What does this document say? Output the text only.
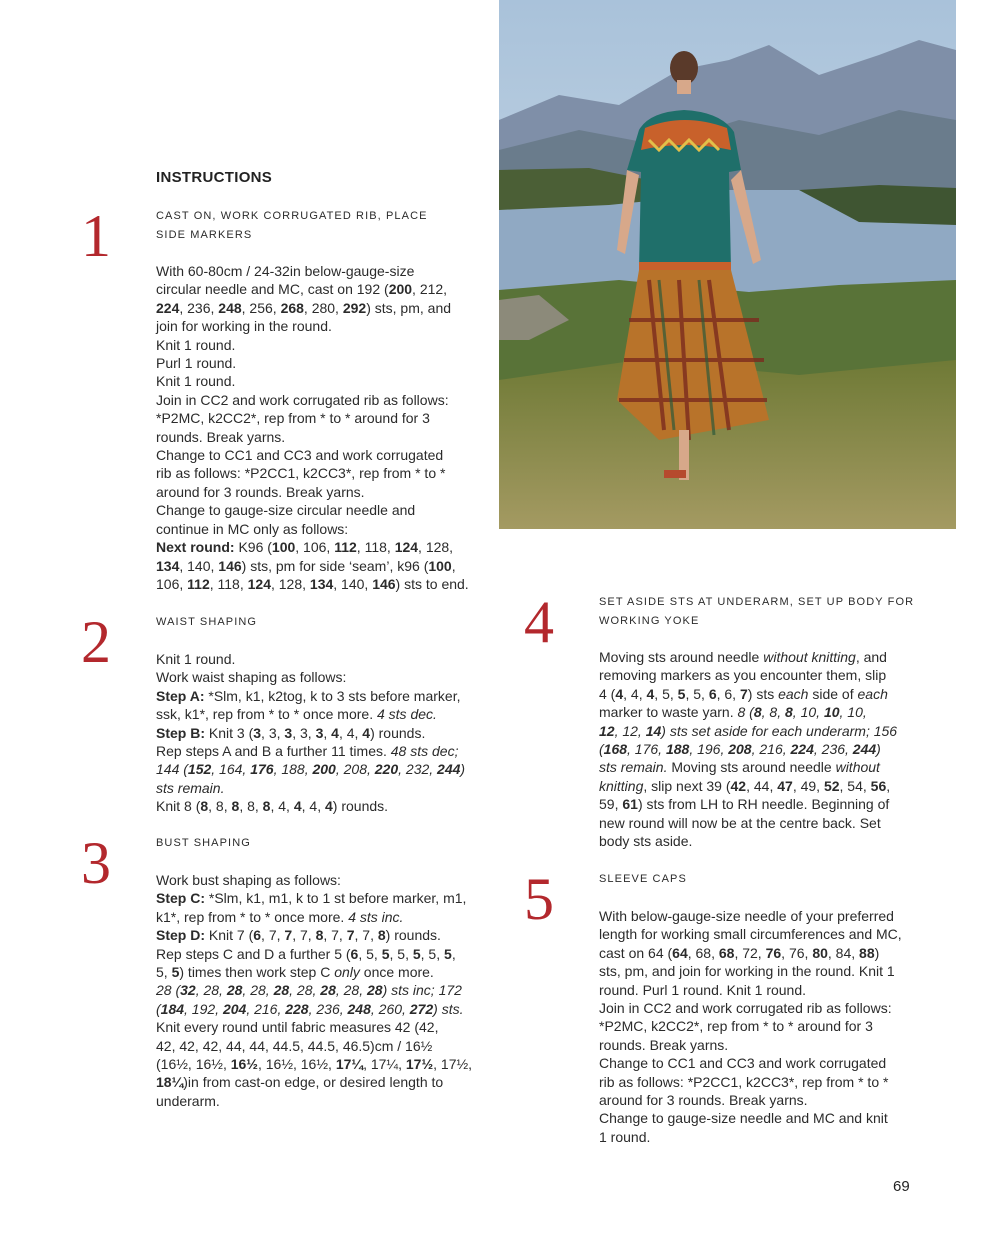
INSTRUCTIONS
1	CAST ON, WORK CORRUGATED RIB, PLACE
SIDE MARKERS

With 60-80cm / 24-32in below-gauge-size

circular needle and MC, cast on 192 (200, 212,

224, 236, 248, 256, 268, 280, 292) sts, pm, and

join for working in the round.

Knit 1 round.

Purl 1 round.

Knit 1 round.

Join in CC2 and work corrugated rib as follows:

*P2MC, k2CC2*, rep from * to * around for 3

rounds. Break yarns.

Change to CC1 and CC3 and work corrugated

rib as follows: *P2CC1, k2CC3*, rep from * to *

around for 3 rounds. Break yarns.

Change to gauge-size circular needle and

continue in MC only as follows:

Next round: K96 (100, 106, 112, 118, 124, 128,

134, 140, 146) sts, pm for side ‘seam’, k96 (100,

106, 112, 118, 124, 128, 134, 140, 146) sts to end.

2	WAIST SHAPING

Knit 1 round.

Work waist shaping as follows:

Step A: *Slm, k1, k2tog, k to 3 sts before marker,

ssk, k1*, rep from * to * once more. 4 sts dec.

Step B: Knit 3 (3, 3, 3, 3, 3, 4, 4, 4) rounds.

Rep steps A and B a further 11 times. 48 sts dec;

144 (152, 164, 176, 188, 200, 208, 220, 232, 244)

sts remain.

Knit 8 (8, 8, 8, 8, 8, 4, 4, 4, 4) rounds.

3	BUST SHAPING

Work bust shaping as follows:

Step C: *Slm, k1, m1, k to 1 st before marker, m1,

k1*, rep from * to * once more. 4 sts inc.

Step D: Knit 7 (6, 7, 7, 7, 8, 7, 7, 7, 8) rounds.

Rep steps C and D a further 5 (6, 5, 5, 5, 5, 5, 5,

5, 5) times then work step C only once more.

28 (32, 28, 28, 28, 28, 28, 28, 28, 28) sts inc; 172

(184, 192, 204, 216, 228, 236, 248, 260, 272) sts.

Knit every round until fabric measures 42 (42,

42, 42, 42, 44, 44, 44.5, 44.5, 46.5)cm / 16½

(16½, 16½, 16½, 16½, 16½, 17¼, 17¼, 17½, 17½,

18¼)in from cast-on edge, or desired length to

underarm.

4	SET ASIDE STS AT UNDERARM, SET UP BODY FOR
WORKING YOKE

Moving sts around needle without knitting, and

removing markers as you encounter them, slip

4 (4, 4, 4, 5, 5, 5, 6, 6, 7) sts each side of each

marker to waste yarn. 8 (8, 8, 8, 10, 10, 10,

12, 12, 14) sts set aside for each underarm; 156

(168, 176, 188, 196, 208, 216, 224, 236, 244)

sts remain. Moving sts around needle without

knitting, slip next 39 (42, 44, 47, 49, 52, 54, 56,

59, 61) sts from LH to RH needle. Beginning of

new round will now be at the centre back. Set

body sts aside.

5	SLEEVE CAPS

With below-gauge-size needle of your preferred

length for working small circumferences and MC,

cast on 64 (64, 68, 68, 72, 76, 76, 80, 84, 88)

sts, pm, and join for working in the round. Knit 1

round. Purl 1 round. Knit 1 round.

Join in CC2 and work corrugated rib as follows:

*P2MC, k2CC2*, rep from * to * around for 3

rounds. Break yarns.

Change to CC1 and CC3 and work corrugated

rib as follows: *P2CC1, k2CC3*, rep from * to *

around for 3 rounds. Break yarns.

Change to gauge-size needle and MC and knit

1 round.

69
